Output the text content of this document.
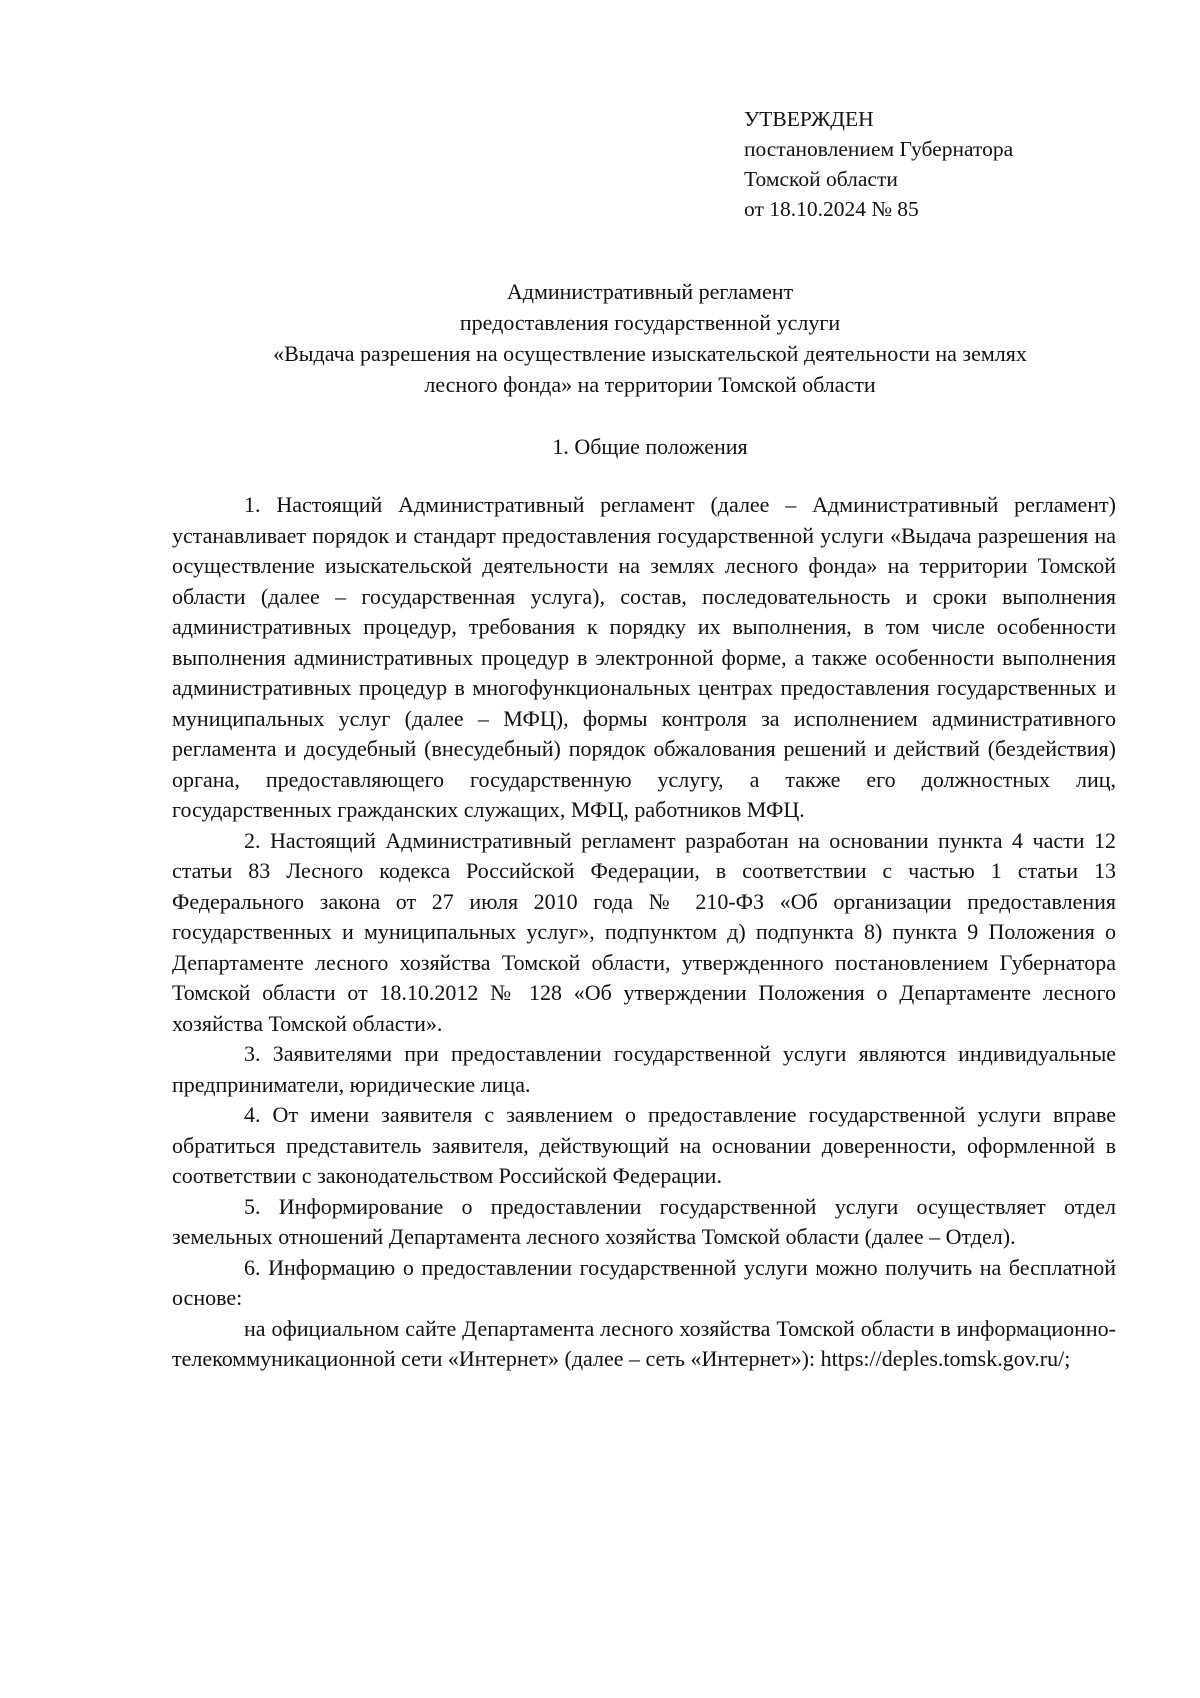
УТВЕРЖДЕН
постановлением Губернатора
Томской области
от 18.10.2024 № 85
Административный регламент
предоставления государственной услуги
«Выдача разрешения на осуществление изыскательской деятельности на землях
лесного фонда» на территории Томской области
1. Общие положения

1. Настоящий Административный регламент (далее – Административный регламент) устанавливает порядок и стандарт предоставления государственной услуги «Выдача разрешения на осуществление изыскательской деятельности на землях лесного фонда» на территории Томской области (далее – государственная услуга), состав, последовательность и сроки выполнения административных процедур, требования к порядку их выполнения, в том числе особенности выполнения административных процедур в электронной форме, а также особенности выполнения административных процедур в многофункциональных центрах предоставления государственных и муниципальных услуг (далее – МФЦ), формы контроля за исполнением административного регламента и досудебный (внесудебный) порядок обжалования решений и действий (бездействия) органа, предоставляющего государственную услугу, а также его должностных лиц, государственных гражданских служащих, МФЦ, работников МФЦ.

2. Настоящий Административный регламент разработан на основании пункта 4 части 12 статьи 83 Лесного кодекса Российской Федерации, в соответствии с частью 1 статьи 13 Федерального закона от 27 июля 2010 года № 210-ФЗ «Об организации предоставления государственных и муниципальных услуг», подпунктом д) подпункта 8) пункта 9 Положения о Департаменте лесного хозяйства Томской области, утвержденного постановлением Губернатора Томской области от 18.10.2012 № 128 «Об утверждении Положения о Департаменте лесного хозяйства Томской области».

3. Заявителями при предоставлении государственной услуги являются индивидуальные предприниматели, юридические лица.

4. От имени заявителя с заявлением о предоставление государственной услуги вправе обратиться представитель заявителя, действующий на основании доверенности, оформленной в соответствии с законодательством Российской Федерации.

5. Информирование о предоставлении государственной услуги осуществляет отдел земельных отношений Департамента лесного хозяйства Томской области (далее – Отдел).

6. Информацию о предоставлении государственной услуги можно получить на бесплатной основе:

на официальном сайте Департамента лесного хозяйства Томской области в информационно-телекоммуникационной сети «Интернет» (далее – сеть «Интернет»): https://deples.tomsk.gov.ru/;
